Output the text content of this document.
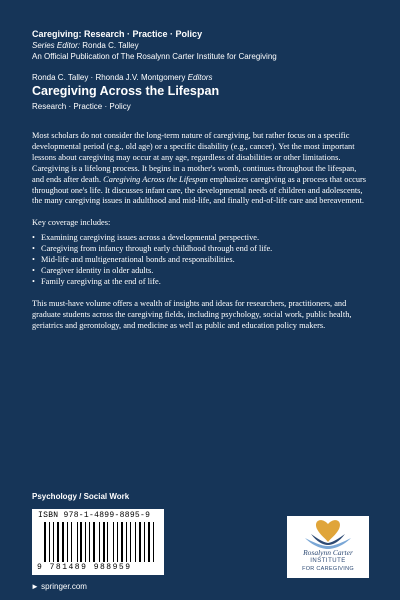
Caregiving: Research · Practice · Policy
Series Editor: Ronda C. Talley
An Official Publication of The Rosalynn Carter Institute for Caregiving
Ronda C. Talley · Rhonda J.V. Montgomery Editors
Caregiving Across the Lifespan
Research · Practice · Policy

Most scholars do not consider the long-term nature of caregiving, but rather focus on a specific developmental period (e.g., old age) or a specific disability (e.g., cancer). Yet the most important lessons about caregiving may occur at any age, regardless of disabilities or other limitations. Caregiving is a lifelong process. It begins in a mother's womb, continues throughout the lifespan, and ends after death. Caregiving Across the Lifespan emphasizes caregiving as a process that occurs throughout one's life. It discusses infant care, the developmental needs of children and adolescents, the many caregiving issues in adulthood and mid-life, and finally end-of-life care and bereavement.

Key coverage includes:

• Examining caregiving issues across a developmental perspective.
• Caregiving from infancy through early childhood through end of life.
• Mid-life and multigenerational bonds and responsibilities.
• Caregiver identity in older adults.
• Family caregiving at the end of life.

This must-have volume offers a wealth of insights and ideas for researchers, practitioners, and graduate students across the caregiving fields, including psychology, social work, public health, geriatrics and gerontology, and medicine as well as public and education policy makers.

Psychology / Social Work
ISBN 978-1-4899-8895-9
9 781489 988959
Rosalynn Carter
INSTITUTE
FOR CAREGIVING
► springer.com
